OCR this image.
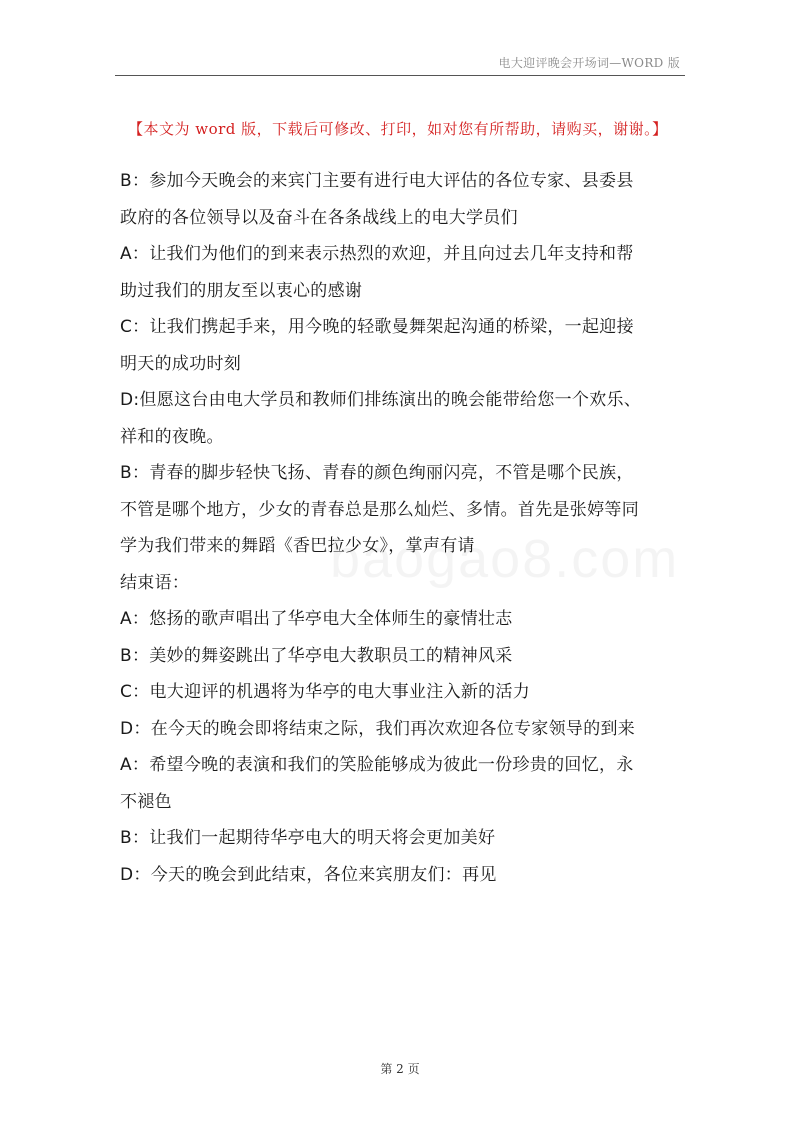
电大迎评晚会开场词—WORD 版
【本文为 word 版，下载后可修改、打印，如对您有所帮助，请购买，谢谢。】
B：参加今天晚会的来宾门主要有进行电大评估的各位专家、县委县
政府的各位领导以及奋斗在各条战线上的电大学员们
A：让我们为他们的到来表示热烈的欢迎，并且向过去几年支持和帮
助过我们的朋友至以衷心的感谢
C：让我们携起手来，用今晚的轻歌曼舞架起沟通的桥梁，一起迎接
明天的成功时刻
D:但愿这台由电大学员和教师们排练演出的晚会能带给您一个欢乐、
祥和的夜晚。
B：青春的脚步轻快飞扬、青春的颜色绚丽闪亮，不管是哪个民族，
不管是哪个地方，少女的青春总是那么灿烂、多情。首先是张婷等同
学为我们带来的舞蹈《香巴拉少女》，掌声有请
结束语：
A：悠扬的歌声唱出了华亭电大全体师生的豪情壮志
B：美妙的舞姿跳出了华亭电大教职员工的精神风采
C：电大迎评的机遇将为华亭的电大事业注入新的活力
D：在今天的晚会即将结束之际，我们再次欢迎各位专家领导的到来
A：希望今晚的表演和我们的笑脸能够成为彼此一份珍贵的回忆，永
不褪色
B：让我们一起期待华亭电大的明天将会更加美好
D：今天的晚会到此结束，各位来宾朋友们：再见
第 2 页
